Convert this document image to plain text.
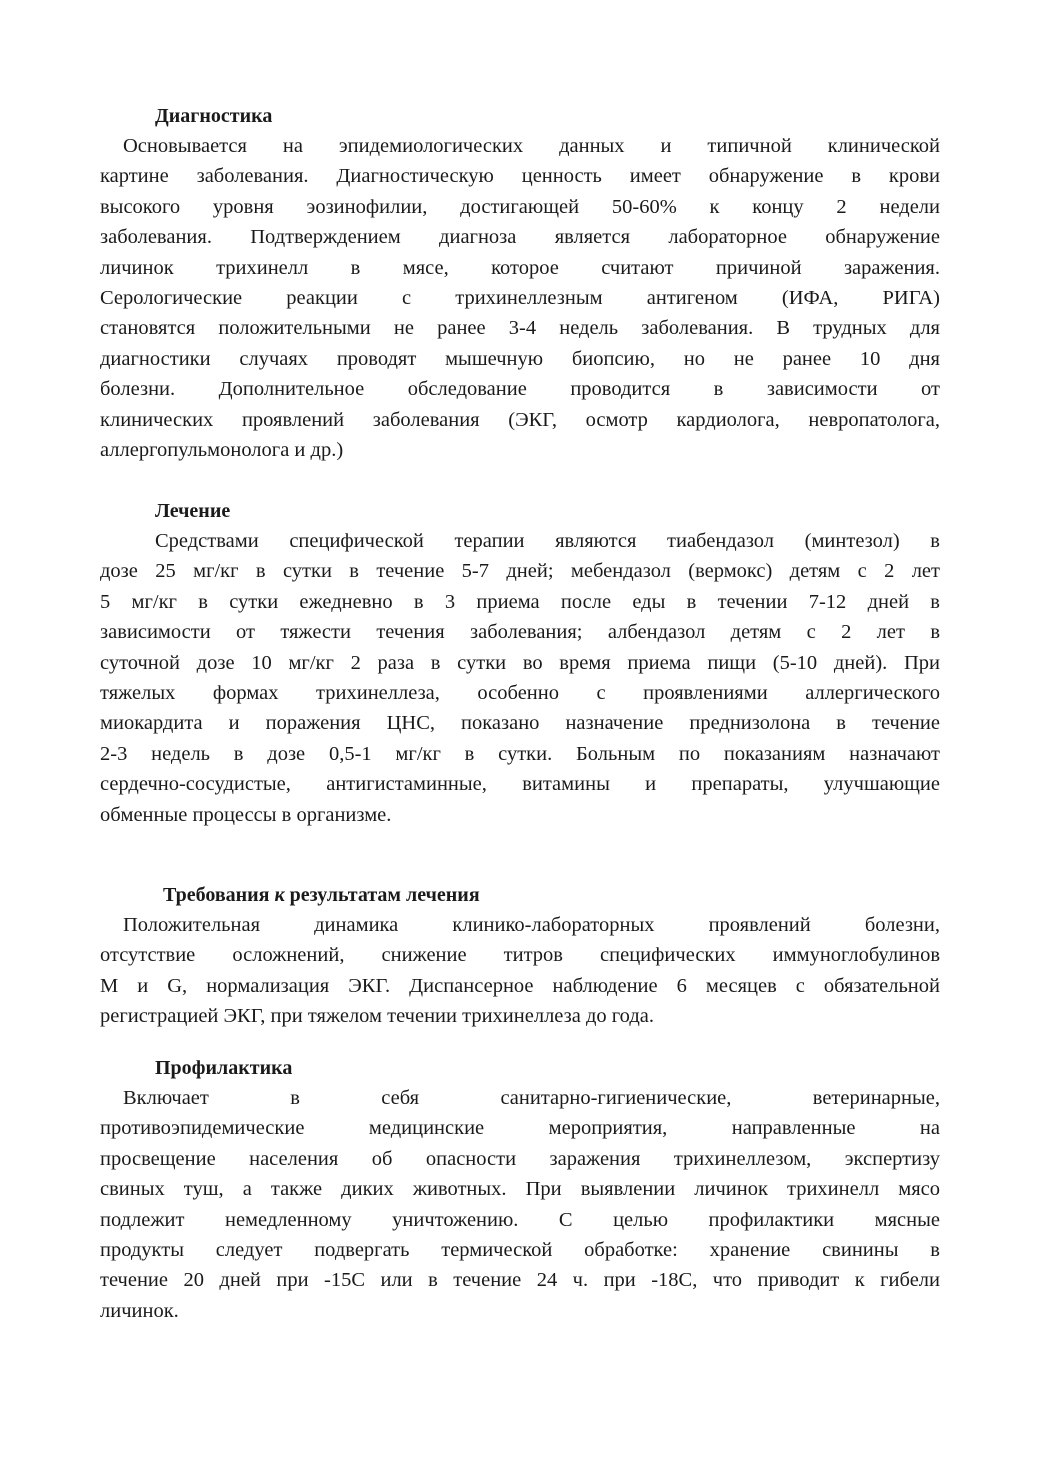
Диагностика
Основывается на эпидемиологических данных и типичной клинической
картине заболевания. Диагностическую ценность имеет обнаружение в крови
высокого уровня эозинофилии, достигающей 50-60% к концу 2 недели
заболевания. Подтверждением диагноза является лабораторное обнаружение
личинок трихинелл в мясе, которое считают причиной заражения.
Серологические реакции с трихинеллезным антигеном (ИФА, РИГА)
становятся положительными не ранее 3-4 недель заболевания. В трудных для
диагностики случаях проводят мышечную биопсию, но не ранее 10 дня
болезни. Дополнительное обследование проводится в зависимости от
клинических проявлений заболевания (ЭКГ, осмотр кардиолога, невропатолога,
аллергопульмонолога и др.)
Лечение
Средствами специфической терапии являются тиабендазол (минтезол) в
дозе 25 мг/кг в сутки в течение 5-7 дней; мебендазол (вермокс) детям с 2 лет
5 мг/кг в сутки ежедневно в 3 приема после еды в течении 7-12 дней в
зависимости от тяжести течения заболевания; албендазол детям с 2 лет в
суточной дозе 10 мг/кг 2 раза в сутки во время приема пищи (5-10 дней). При
тяжелых формах трихинеллеза, особенно с проявлениями аллергического
миокардита и поражения ЦНС, показано назначение преднизолона в течение
2-3 недель в дозе 0,5-1 мг/кг в сутки. Больным по показаниям назначают
сердечно-сосудистые, антигистаминные, витамины и препараты, улучшающие
обменные процессы в организме.
Требования к результатам лечения
Положительная динамика клинико-лабораторных проявлений болезни,
отсутствие осложнений, снижение титров специфических иммуноглобулинов
M и G, нормализация ЭКГ. Диспансерное наблюдение 6 месяцев с обязательной
регистрацией ЭКГ, при тяжелом течении трихинеллеза до года.
Профилактика
Включает в себя санитарно-гигиенические, ветеринарные,
противоэпидемические медицинские мероприятия, направленные на
просвещение населения об опасности заражения трихинеллезом, экспертизу
свиных туш, а также диких животных. При выявлении личинок трихинелл мясо
подлежит немедленному уничтожению. С целью профилактики мясные
продукты следует подвергать термической обработке: хранение свинины в
течение 20 дней при -15С или в течение 24 ч. при -18С, что приводит к гибели
личинок.
